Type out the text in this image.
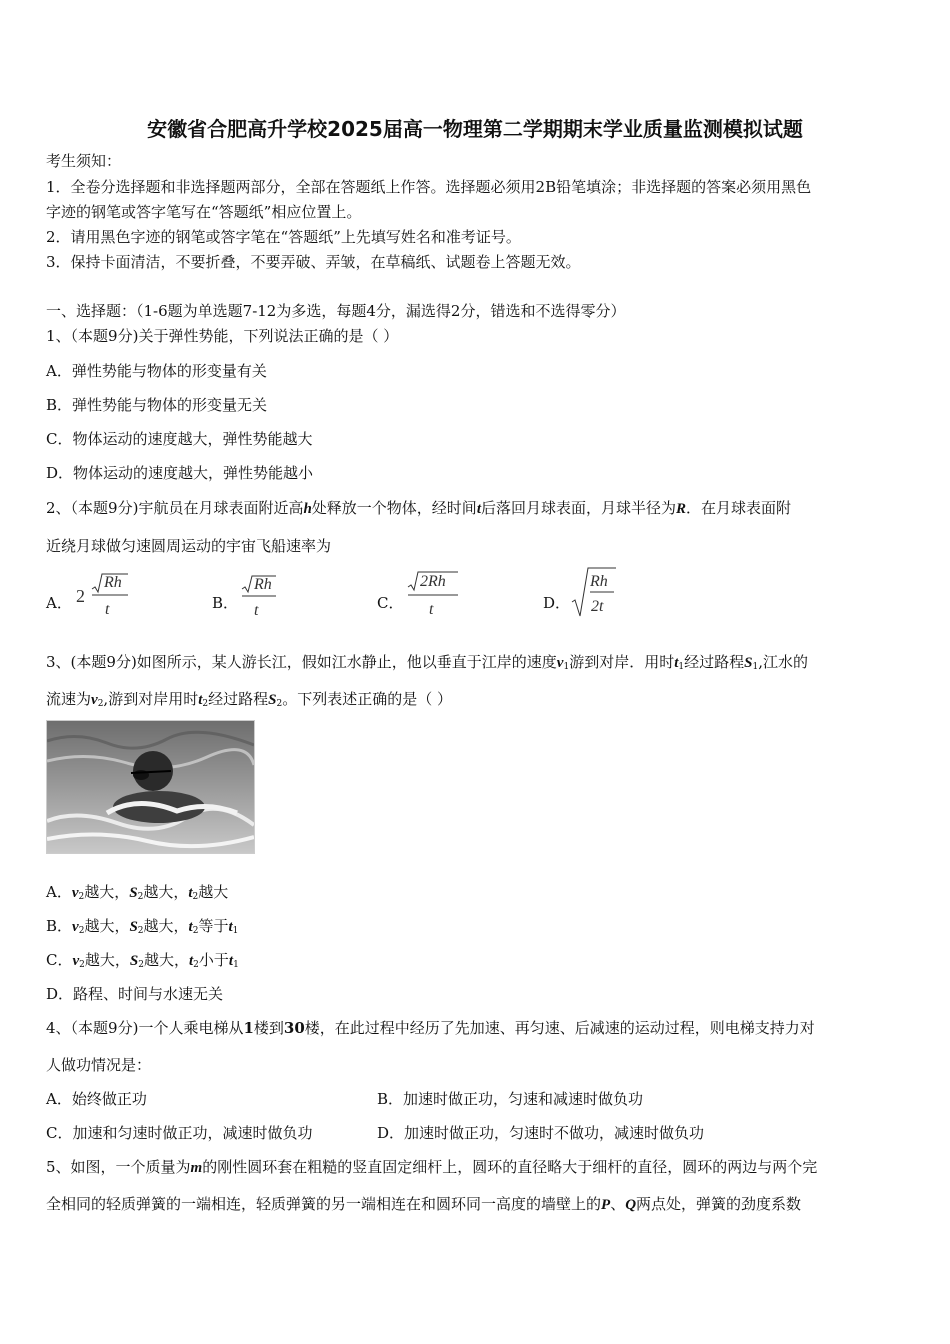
安徽省合肥高升学校2025届高一物理第二学期期末学业质量监测模拟试题
考生须知：
1．全卷分选择题和非选择题两部分，全部在答题纸上作答。选择题必须用2B铅笔填涂；非选择题的答案必须用黑色
字迹的钢笔或答字笔写在“答题纸”相应位置上。
2．请用黑色字迹的钢笔或答字笔在“答题纸”上先填写姓名和准考证号。
3．保持卡面清洁，不要折叠，不要弄破、弄皱，在草稿纸、试题卷上答题无效。
一、选择题：（1-6题为单选题7-12为多选，每题4分，漏选得2分，错选和不选得零分）
1、（本题9分)关于弹性势能，下列说法正确的是（ ）
A．弹性势能与物体的形变量有关
B．弹性势能与物体的形变量无关
C．物体运动的速度越大，弹性势能越大
D．物体运动的速度越大，弹性势能越小
2、（本题9分)宇航员在月球表面附近高h处释放一个物体，经时间t后落回月球表面，月球半径为R．在月球表面附
近绕月球做匀速圆周运动的宇宙飞船速率为
A． 2
Rh
t	B．
Rh
t	C．
2Rh
t	D．
Rh
2t
3、(本题9分)如图所示，某人游长江，假如江水静止，他以垂直于江岸的速度$v_1$游到对岸．用时$t_1$经过路程$S_1$,江水的
流速为$v_2$,游到对岸用时$t_2$经过路程$S_2$。下列表述正确的是（ ）
A．$v_2$越大，$S_2$越大，$t_2$越大
B．$v_2$越大，$S_2$越大，$t_2$等于$t_1$
C．$v_2$越大，$S_2$越大，$t_2$小于$t_1$
D．路程、时间与水速无关
4、（本题9分)一个人乘电梯从1楼到30楼，在此过程中经历了先加速、再匀速、后减速的运动过程，则电梯支持力对
人做功情况是：
A．始终做正功	B．加速时做正功，匀速和减速时做负功
C．加速和匀速时做正功，减速时做负功	D．加速时做正功，匀速时不做功，减速时做负功
5、如图，一个质量为m的刚性圆环套在粗糙的竖直固定细杆上，圆环的直径略大于细杆的直径，圆环的两边与两个完
全相同的轻质弹簧的一端相连，轻质弹簧的另一端相连在和圆环同一高度的墙壁上的P、Q两点处，弹簧的劲度系数
